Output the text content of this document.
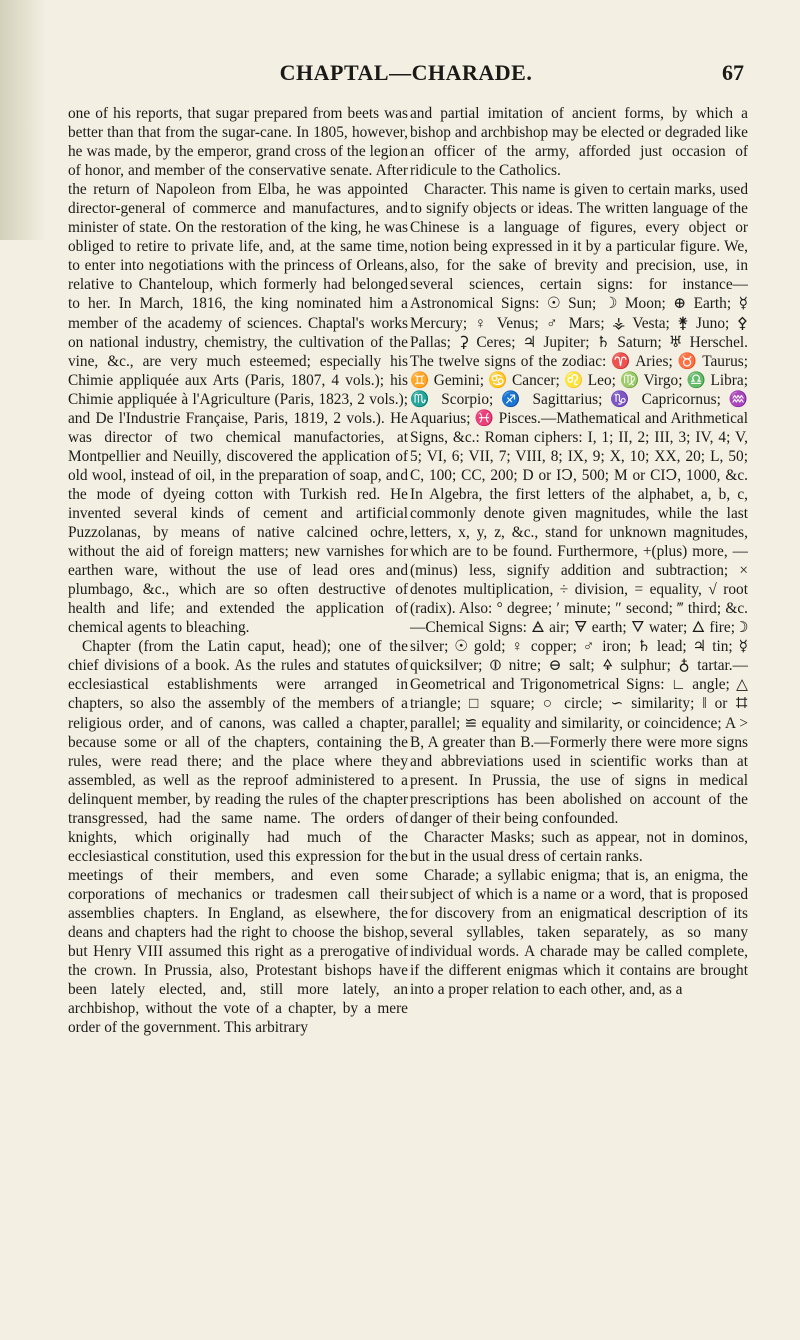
CHAPTAL—CHARADE.	67

one of his reports, that sugar prepared from beets was better than that from the sugar-cane. In 1805, however, he was made, by the emperor, grand cross of the legion of honor, and member of the conservative senate. After the return of Napoleon from Elba, he was appointed director-general of commerce and manufactures, and minister of state. On the restoration of the king, he was obliged to retire to private life, and, at the same time, to enter into negotiations with the princess of Orleans, relative to Chanteloup, which formerly had belonged to her. In March, 1816, the king nominated him a member of the academy of sciences. Chaptal's works on national industry, chemistry, the cultivation of the vine, &c., are very much esteemed; especially his Chimie appliquée aux Arts (Paris, 1807, 4 vols.); his Chimie appliquée à l'Agriculture (Paris, 1823, 2 vols.); and De l'Industrie Française, Paris, 1819, 2 vols.). He was director of two chemical manufactories, at Montpellier and Neuilly, discovered the application of old wool, instead of oil, in the preparation of soap, and the mode of dyeing cotton with Turkish red. He invented several kinds of cement and artificial Puzzolanas, by means of native calcined ochre, without the aid of foreign matters; new varnishes for earthen ware, without the use of lead ores and plumbago, &c., which are so often destructive of health and life; and extended the application of chemical agents to bleaching.

Chapter (from the Latin caput, head); one of the chief divisions of a book. As the rules and statutes of ecclesiastical establishments were arranged in chapters, so also the assembly of the members of a religious order, and of canons, was called a chapter, because some or all of the chapters, containing the rules, were read there; and the place where they assembled, as well as the reproof administered to a delinquent member, by reading the rules of the chapter transgressed, had the same name. The orders of knights, which originally had much of the ecclesiastical constitution, used this expression for the meetings of their members, and even some corporations of mechanics or tradesmen call their assemblies chapters. In England, as elsewhere, the deans and chapters had the right to choose the bishop, but Henry VIII assumed this right as a prerogative of the crown. In Prussia, also, Protestant bishops have been lately elected, and, still more lately, an archbishop, without the vote of a chapter, by a mere order of the government. This arbitrary

and partial imitation of ancient forms, by which a bishop and archbishop may be elected or degraded like an officer of the army, afforded just occasion of ridicule to the Catholics.

Character. This name is given to certain marks, used to signify objects or ideas. The written language of the Chinese is a language of figures, every object or notion being expressed in it by a particular figure. We, also, for the sake of brevity and precision, use, in several sciences, certain signs: for instance—Astronomical Signs: ☉ Sun; ☽ Moon; ⊕ Earth; ☿ Mercury; ♀ Venus; ♂ Mars; ⚶ Vesta; ⚵ Juno; ⚴ Pallas; ⚳ Ceres; ♃ Jupiter; ♄ Saturn; ♅ Herschel. The twelve signs of the zodiac: ♈ Aries; ♉ Taurus; ♊ Gemini; ♋ Cancer; ♌ Leo; ♍ Virgo; ♎ Libra; ♏ Scorpio; ♐ Sagittarius; ♑ Capricornus; ♒ Aquarius; ♓ Pisces.—Mathematical and Arithmetical Signs, &c.: Roman ciphers: I, 1; II, 2; III, 3; IV, 4; V, 5; VI, 6; VII, 7; VIII, 8; IX, 9; X, 10; XX, 20; L, 50; C, 100; CC, 200; D or IↃ, 500; M or CIↃ, 1000, &c. In Algebra, the first letters of the alphabet, a, b, c, commonly denote given magnitudes, while the last letters, x, y, z, &c., stand for unknown magnitudes, which are to be found. Furthermore, +(plus) more, —(minus) less, signify addition and subtraction; × denotes multiplication, ÷ division, = equality, √ root (radix). Also: ° degree; ′ minute; ″ second; ‴ third; &c.—Chemical Signs: 🜁 air; 🜃 earth; 🜄 water; 🜂 fire; ☽ silver; ☉ gold; ♀ copper; ♂ iron; ♄ lead; ♃ tin; ☿ quicksilver; ⦶ nitre; ⊖ salt; 🜍 sulphur; ♁ tartar.—Geometrical and Trigonometrical Signs: ∟ angle; △ triangle; □ square; ○ circle; ∽ similarity; ‖ or ⌗ parallel; ≌ equality and similarity, or coincidence; A > B, A greater than B.—Formerly there were more signs and abbreviations used in scientific works than at present. In Prussia, the use of signs in medical prescriptions has been abolished on account of the danger of their being confounded.

Character Masks; such as appear, not in dominos, but in the usual dress of certain ranks.

Charade; a syllabic enigma; that is, an enigma, the subject of which is a name or a word, that is proposed for discovery from an enigmatical description of its several syllables, taken separately, as so many individual words. A charade may be called complete, if the different enigmas which it contains are brought into a proper relation to each other, and, as a
